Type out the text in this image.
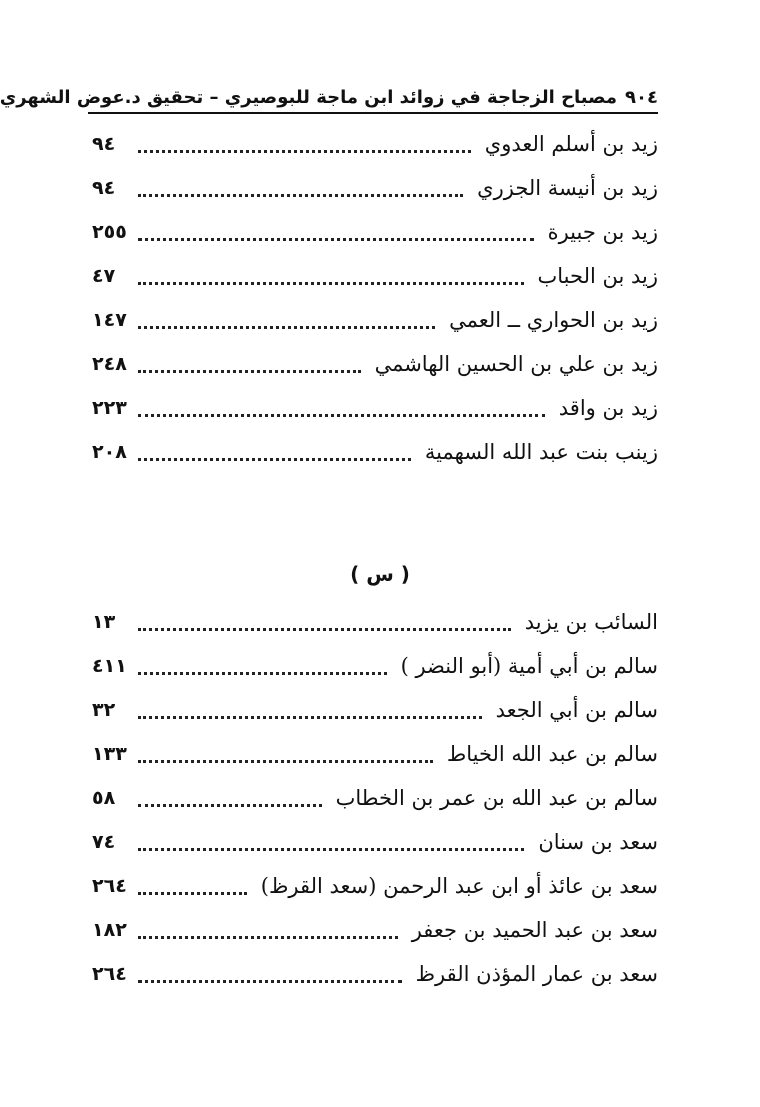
٩٠٤
مصباح الزجاجة في زوائد ابن ماجة للبوصيري – تحقيق د.عوض الشهري
زيد بن أسلم العدوي
٩٤
زيد بن أنيسة الجزري
٩٤
زيد بن جبيرة
٢٥٥
زيد بن الحباب
٤٧
زيد بن الحواري ــ العمي
١٤٧
زيد بن علي بن الحسين الهاشمي
٢٤٨
زيد بن واقد
٢٢٣
زينب بنت عبد الله السهمية
٢٠٨
( س )
السائب بن يزيد
١٣
سالم بن أبي أمية (أبو النضر )
٤١١
سالم بن أبي الجعد
٣٢
سالم بن عبد الله الخياط
١٣٣
سالم بن عبد الله بن عمر بن الخطاب
٥٨
سعد بن سنان
٧٤
سعد بن عائذ أو ابن عبد الرحمن (سعد القرظ)
٢٦٤
سعد بن عبد الحميد بن جعفر
١٨٢
سعد بن عمار المؤذن القرظ
٢٦٤
